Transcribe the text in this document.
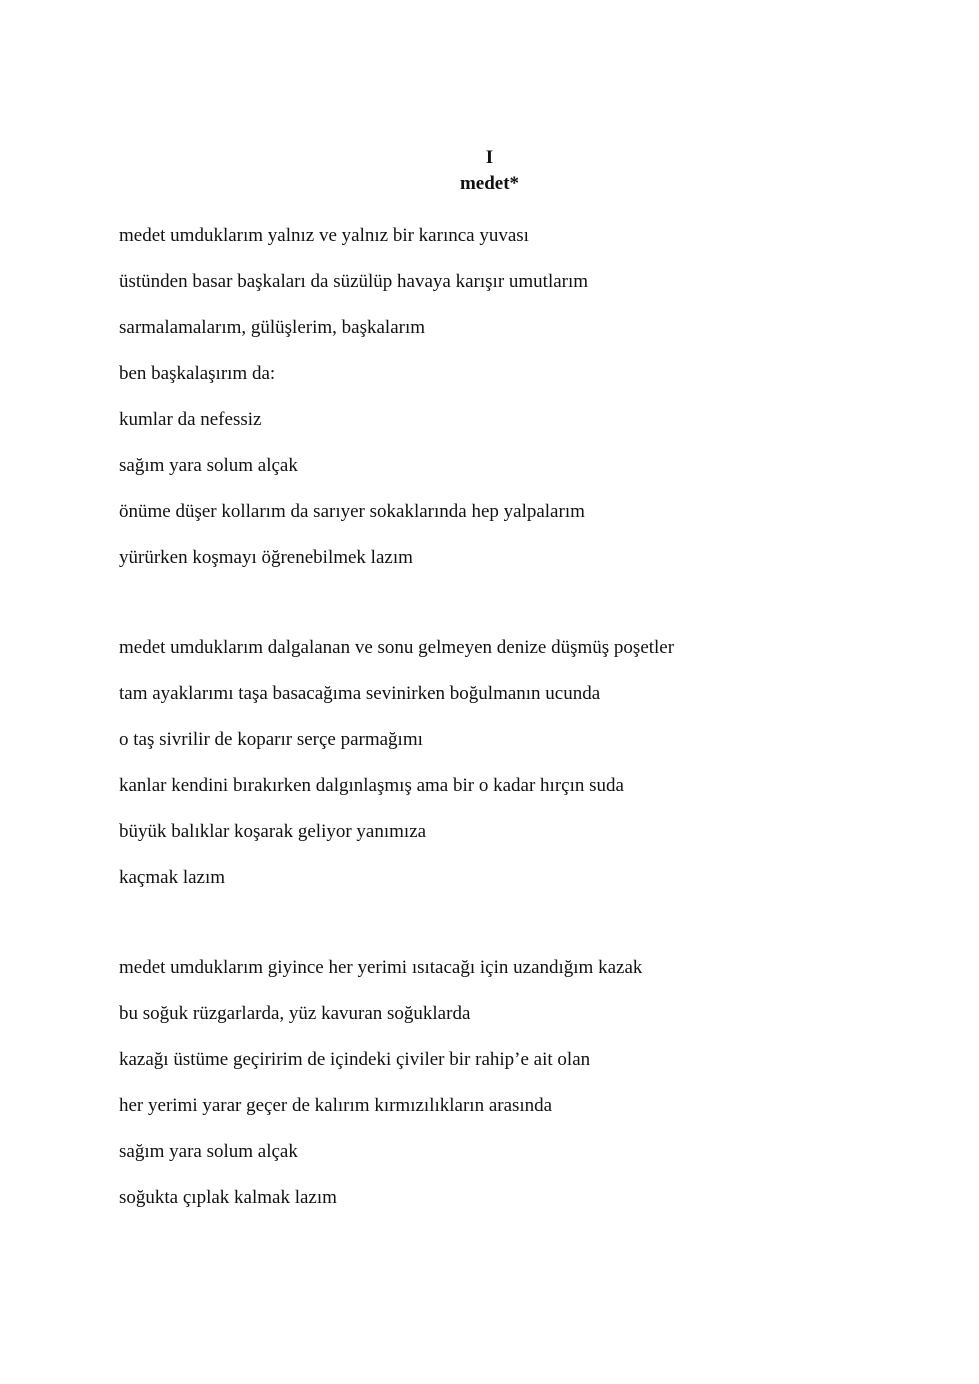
I
medet*
medet umduklarım yalnız ve yalnız bir karınca yuvası
üstünden basar başkaları da süzülüp havaya karışır umutlarım
sarmalamalarım, gülüşlerim, başkalarım
ben başkalaşırım da:
kumlar da nefessiz
sağım yara solum alçak
önüme düşer kollarım da sarıyer sokaklarında hep yalpalarım
yürürken koşmayı öğrenebilmek lazım
medet umduklarım dalgalanan ve sonu gelmeyen denize düşmüş poşetler
tam ayaklarımı taşa basacağıma sevinirken boğulmanın ucunda
o taş sivrilir de koparır serçe parmağımı
kanlar kendini bırakırken dalgınlaşmış ama bir o kadar hırçın suda
büyük balıklar koşarak geliyor yanımıza
kaçmak lazım
medet umduklarım giyince her yerimi ısıtacağı için uzandığım kazak
bu soğuk rüzgarlarda, yüz kavuran soğuklarda
kazağı üstüme geçiririm de içindeki çiviler bir rahip’e ait olan
her yerimi yarar geçer de kalırım kırmızılıkların arasında
sağım yara solum alçak
soğukta çıplak kalmak lazım
